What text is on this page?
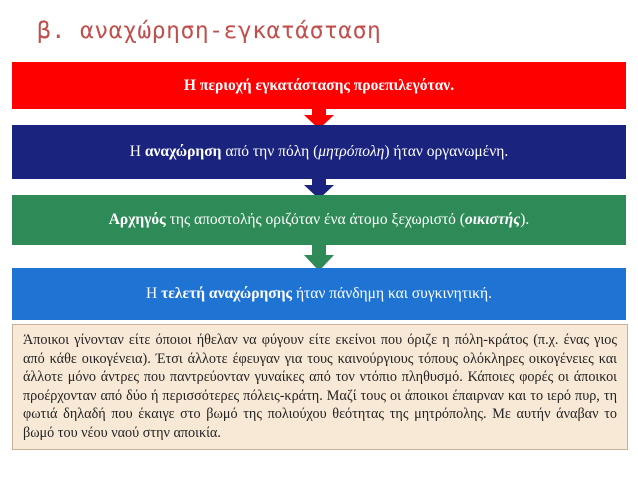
β. αναχώρηση-εγκατάσταση
Η περιοχή εγκατάστασης προεπιλεγόταν.
Η αναχώρηση από την πόλη (μητρόπολη) ήταν οργανωμένη.
Αρχηγός της αποστολής οριζόταν ένα άτομο ξεχωριστό (οικιστής).
Η τελετή αναχώρησης ήταν πάνδημη και συγκινητική.
Άποικοι γίνονταν είτε όποιοι ήθελαν να φύγουν είτε εκείνοι που όριζε η πόλη-κράτος (π.χ. ένας γιος από κάθε οικογένεια). Έτσι άλλοτε έφευγαν για τους καινούργιους τόπους ολόκληρες οικογένειες και άλλοτε μόνο άντρες που παντρεύονταν γυναίκες από τον ντόπιο πληθυσμό. Κάποιες φορές οι άποικοι προέρχονταν από δύο ή περισσότερες πόλεις-κράτη. Μαζί τους οι άποικοι έπαιρναν και το ιερό πυρ, τη φωτιά δηλαδή που έκαιγε στο βωμό της πολιούχου θεότητας της μητρόπολης. Με αυτήν άναβαν το βωμό του νέου ναού στην αποικία.
